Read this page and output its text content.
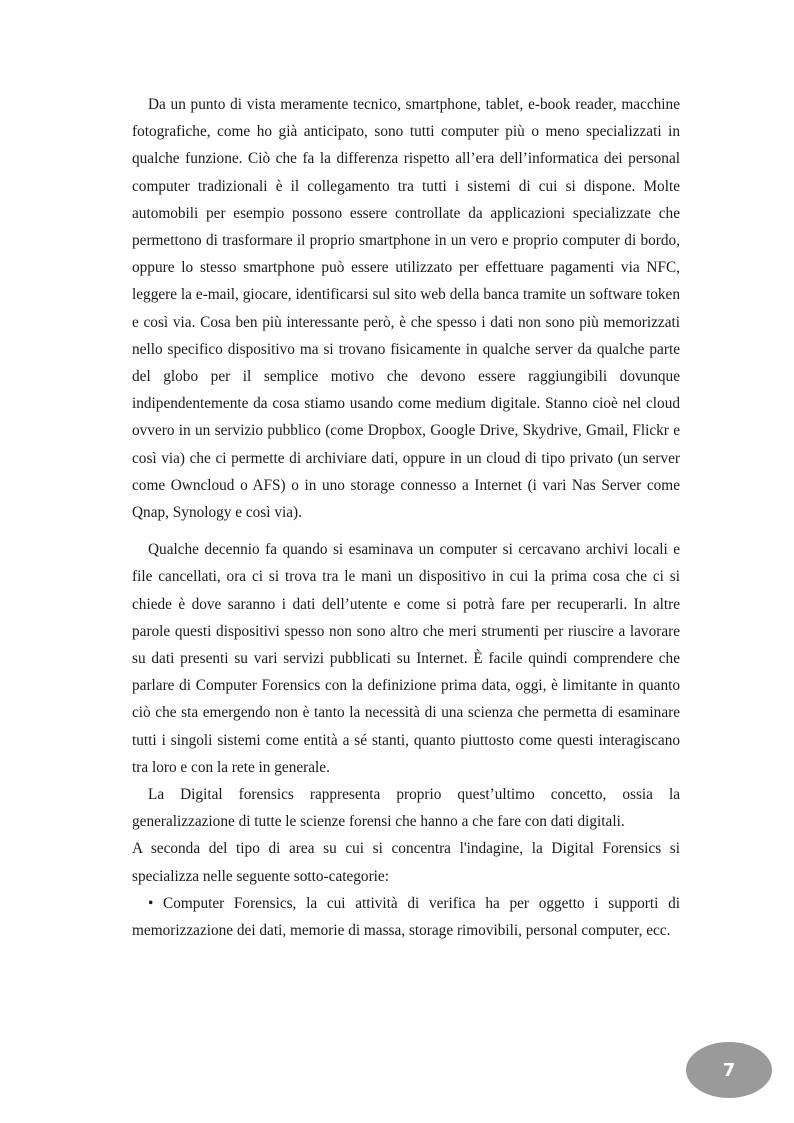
Da un punto di vista meramente tecnico, smartphone, tablet, e-book reader, macchine fotografiche, come ho già anticipato, sono tutti computer più o meno specializzati in qualche funzione. Ciò che fa la differenza rispetto all’era dell’informatica dei personal computer tradizionali è il collegamento tra tutti i sistemi di cui si dispone. Molte automobili per esempio possono essere controllate da applicazioni specializzate che permettono di trasformare il proprio smartphone in un vero e proprio computer di bordo, oppure lo stesso smartphone può essere utilizzato per effettuare pagamenti via NFC, leggere la e-mail, giocare, identificarsi sul sito web della banca tramite un software token e così via. Cosa ben più interessante però, è che spesso i dati non sono più memorizzati nello specifico dispositivo ma si trovano fisicamente in qualche server da qualche parte del globo per il semplice motivo che devono essere raggiungibili dovunque indipendentemente da cosa stiamo usando come medium digitale. Stanno cioè nel cloud ovvero in un servizio pubblico (come Dropbox, Google Drive, Skydrive, Gmail, Flickr e così via) che ci permette di archiviare dati, oppure in un cloud di tipo privato (un server come Owncloud o AFS) o in uno storage connesso a Internet (i vari Nas Server come Qnap, Synology e così via).

Qualche decennio fa quando si esaminava un computer si cercavano archivi locali e file cancellati, ora ci si trova tra le mani un dispositivo in cui la prima cosa che ci si chiede è dove saranno i dati dell’utente e come si potrà fare per recuperarli. In altre parole questi dispositivi spesso non sono altro che meri strumenti per riuscire a lavorare su dati presenti su vari servizi pubblicati su Internet. È facile quindi comprendere che parlare di Computer Forensics con la definizione prima data, oggi, è limitante in quanto ciò che sta emergendo non è tanto la necessità di una scienza che permetta di esaminare tutti i singoli sistemi come entità a sé stanti, quanto piuttosto come questi interagiscano tra loro e con la rete in generale.

La Digital forensics rappresenta proprio quest’ultimo concetto, ossia la generalizzazione di tutte le scienze forensi che hanno a che fare con dati digitali.

A seconda del tipo di area su cui si concentra l'indagine, la Digital Forensics si specializza nelle seguente sotto-categorie:

• Computer Forensics, la cui attività di verifica ha per oggetto i supporti di memorizzazione dei dati, memorie di massa, storage rimovibili, personal computer, ecc.

7
